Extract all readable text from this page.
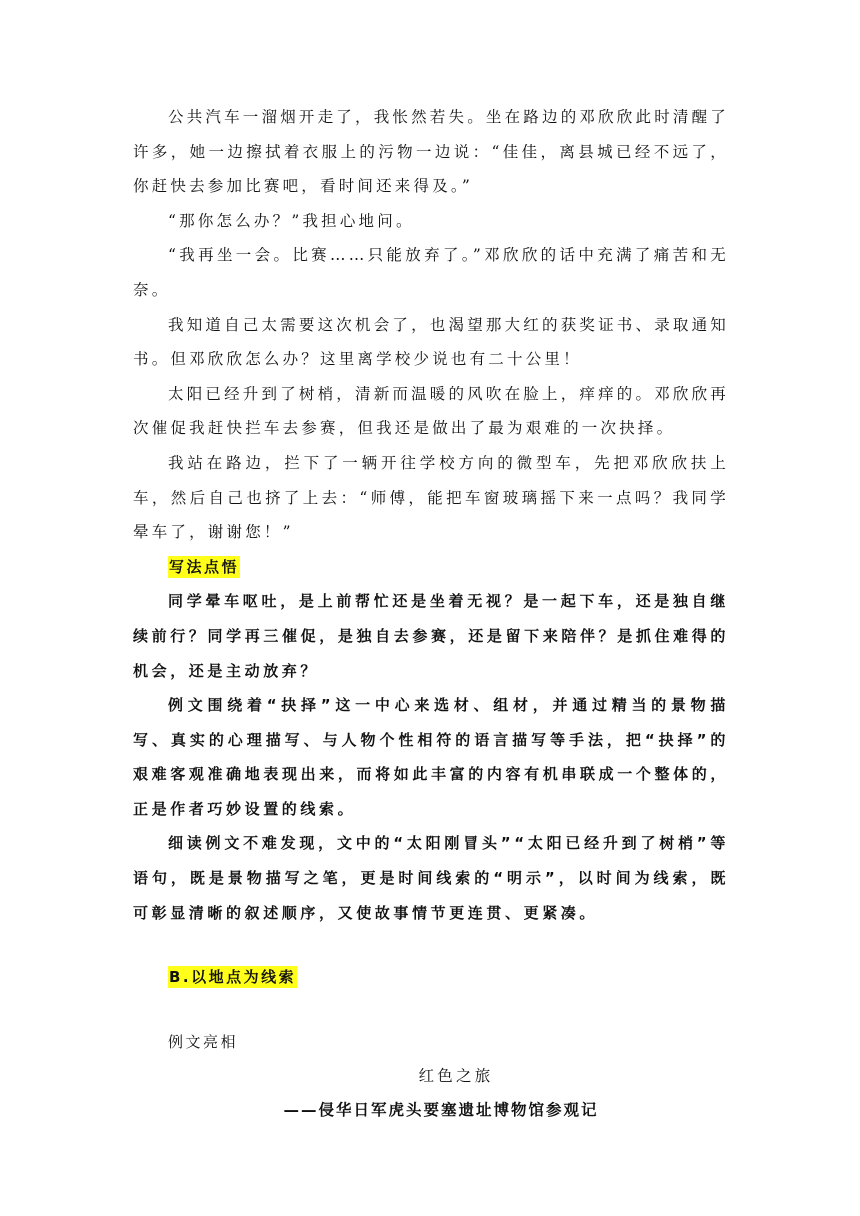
公共汽车一溜烟开走了，我怅然若失。坐在路边的邓欣欣此时清醒了许多，她一边擦拭着衣服上的污物一边说：“佳佳，离县城已经不远了，你赶快去参加比赛吧，看时间还来得及。”

“那你怎么办？”我担心地问。

“我再坐一会。比赛……只能放弃了。”邓欣欣的话中充满了痛苦和无奈。

我知道自己太需要这次机会了，也渴望那大红的获奖证书、录取通知书。但邓欣欣怎么办？这里离学校少说也有二十公里！

太阳已经升到了树梢，清新而温暖的风吹在脸上，痒痒的。邓欣欣再次催促我赶快拦车去参赛，但我还是做出了最为艰难的一次抉择。

我站在路边，拦下了一辆开往学校方向的微型车，先把邓欣欣扶上车，然后自己也挤了上去：“师傅，能把车窗玻璃摇下来一点吗？我同学晕车了，谢谢您！”

写法点悟

同学晕车呕吐，是上前帮忙还是坐着无视？是一起下车，还是独自继续前行？同学再三催促，是独自去参赛，还是留下来陪伴？是抓住难得的机会，还是主动放弃？

例文围绕着“抉择”这一中心来选材、组材，并通过精当的景物描写、真实的心理描写、与人物个性相符的语言描写等手法，把“抉择”的艰难客观准确地表现出来，而将如此丰富的内容有机串联成一个整体的，正是作者巧妙设置的线索。

细读例文不难发现，文中的“太阳刚冒头”“太阳已经升到了树梢”等语句，既是景物描写之笔，更是时间线索的“明示”，以时间为线索，既可彰显清晰的叙述顺序，又使故事情节更连贯、更紧凑。

B.以地点为线索

例文亮相

红色之旅

——侵华日军虎头要塞遗址博物馆参观记
